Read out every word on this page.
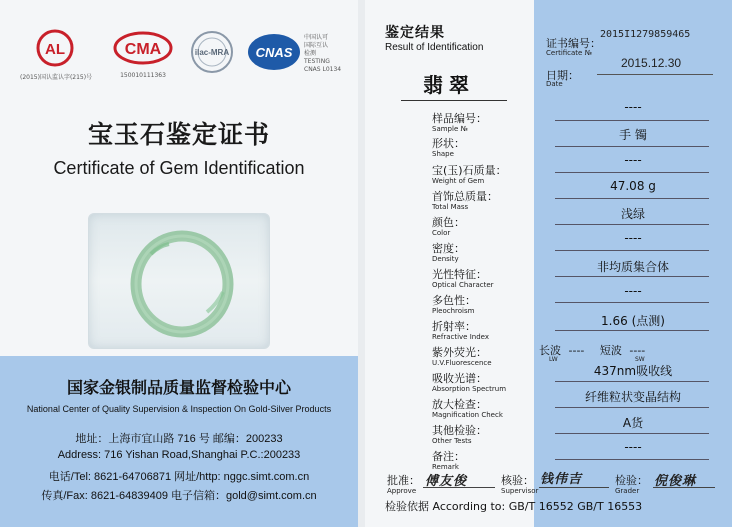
AL
(2015)国认监认字(215)号
CMA
150010111363
ilac-MRA CNAS
中国认可
国际互认
检测
TESTING
CNAS L0134
宝玉石鉴定证书
Certificate of Gem Identification
国家金银制品质量监督检验中心
National Center of Quality Supervision & Inspection On Gold-Silver Products
地址：上海市宜山路 716 号 邮编：200233
Address: 716 Yishan Road,Shanghai P.C.:200233
电话/Tel: 8621-64706871 网址/http: nggc.simt.com.cn
传真/Fax: 8621-64839409 电子信箱：gold@simt.com.cn
鉴定结果
Result of Identification
翡翠
证书编号：
Certificate №
2015I1279859465
日期：
Date
2015.12.30
样品编号：
Sample №
----
形状：
Shape
手 镯
宝(玉)石质量：
Weight of Gem
----
首饰总质量：
Total Mass
47.08 g
颜色：
Color
浅绿
密度：
Density
----
光性特征：
Optical Character
非均质集合体
多色性：
Pleochroism
----
折射率：
Refractive Index
1.66 (点测)
紫外荧光：
U.V.Fluorescence
长波 ----
LW
短波 ----
SW
吸收光谱：
Absorption Spectrum
437nm吸收线
放大检查：
Magnification Check
纤维粒状变晶结构
其他检验：
Other Tests
A货
备注：
Remark
----
批准：
Approve
傅友俊	核验：
Supervisor
钱伟吉	检验：
Grader
倪俊琳
检验依据 According to: GB/T 16552 GB/T 16553
